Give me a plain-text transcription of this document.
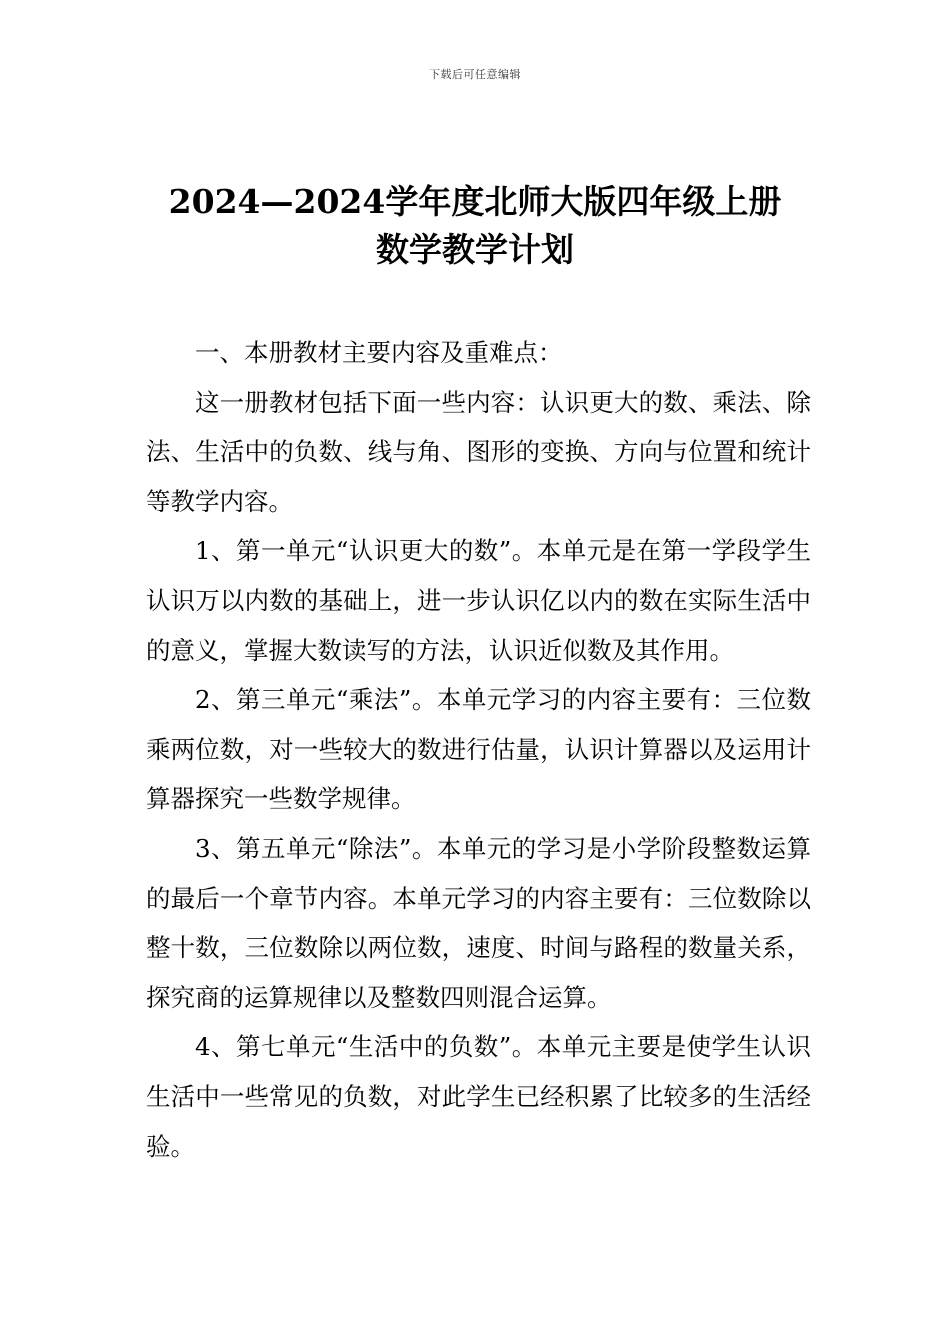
下载后可任意编辑
2024—2024学年度北师大版四年级上册
数学教学计划

一、本册教材主要内容及重难点：

这一册教材包括下面一些内容：认识更大的数、乘法、除法、生活中的负数、线与角、图形的变换、方向与位置和统计等教学内容。

1、第一单元“认识更大的数”。本单元是在第一学段学生认识万以内数的基础上，进一步认识亿以内的数在实际生活中的意义，掌握大数读写的方法，认识近似数及其作用。

2、第三单元“乘法”。本单元学习的内容主要有：三位数乘两位数，对一些较大的数进行估量，认识计算器以及运用计算器探究一些数学规律。

3、第五单元“除法”。本单元的学习是小学阶段整数运算的最后一个章节内容。本单元学习的内容主要有：三位数除以整十数，三位数除以两位数，速度、时间与路程的数量关系，探究商的运算规律以及整数四则混合运算。

4、第七单元“生活中的负数”。本单元主要是使学生认识生活中一些常见的负数，对此学生已经积累了比较多的生活经验。
